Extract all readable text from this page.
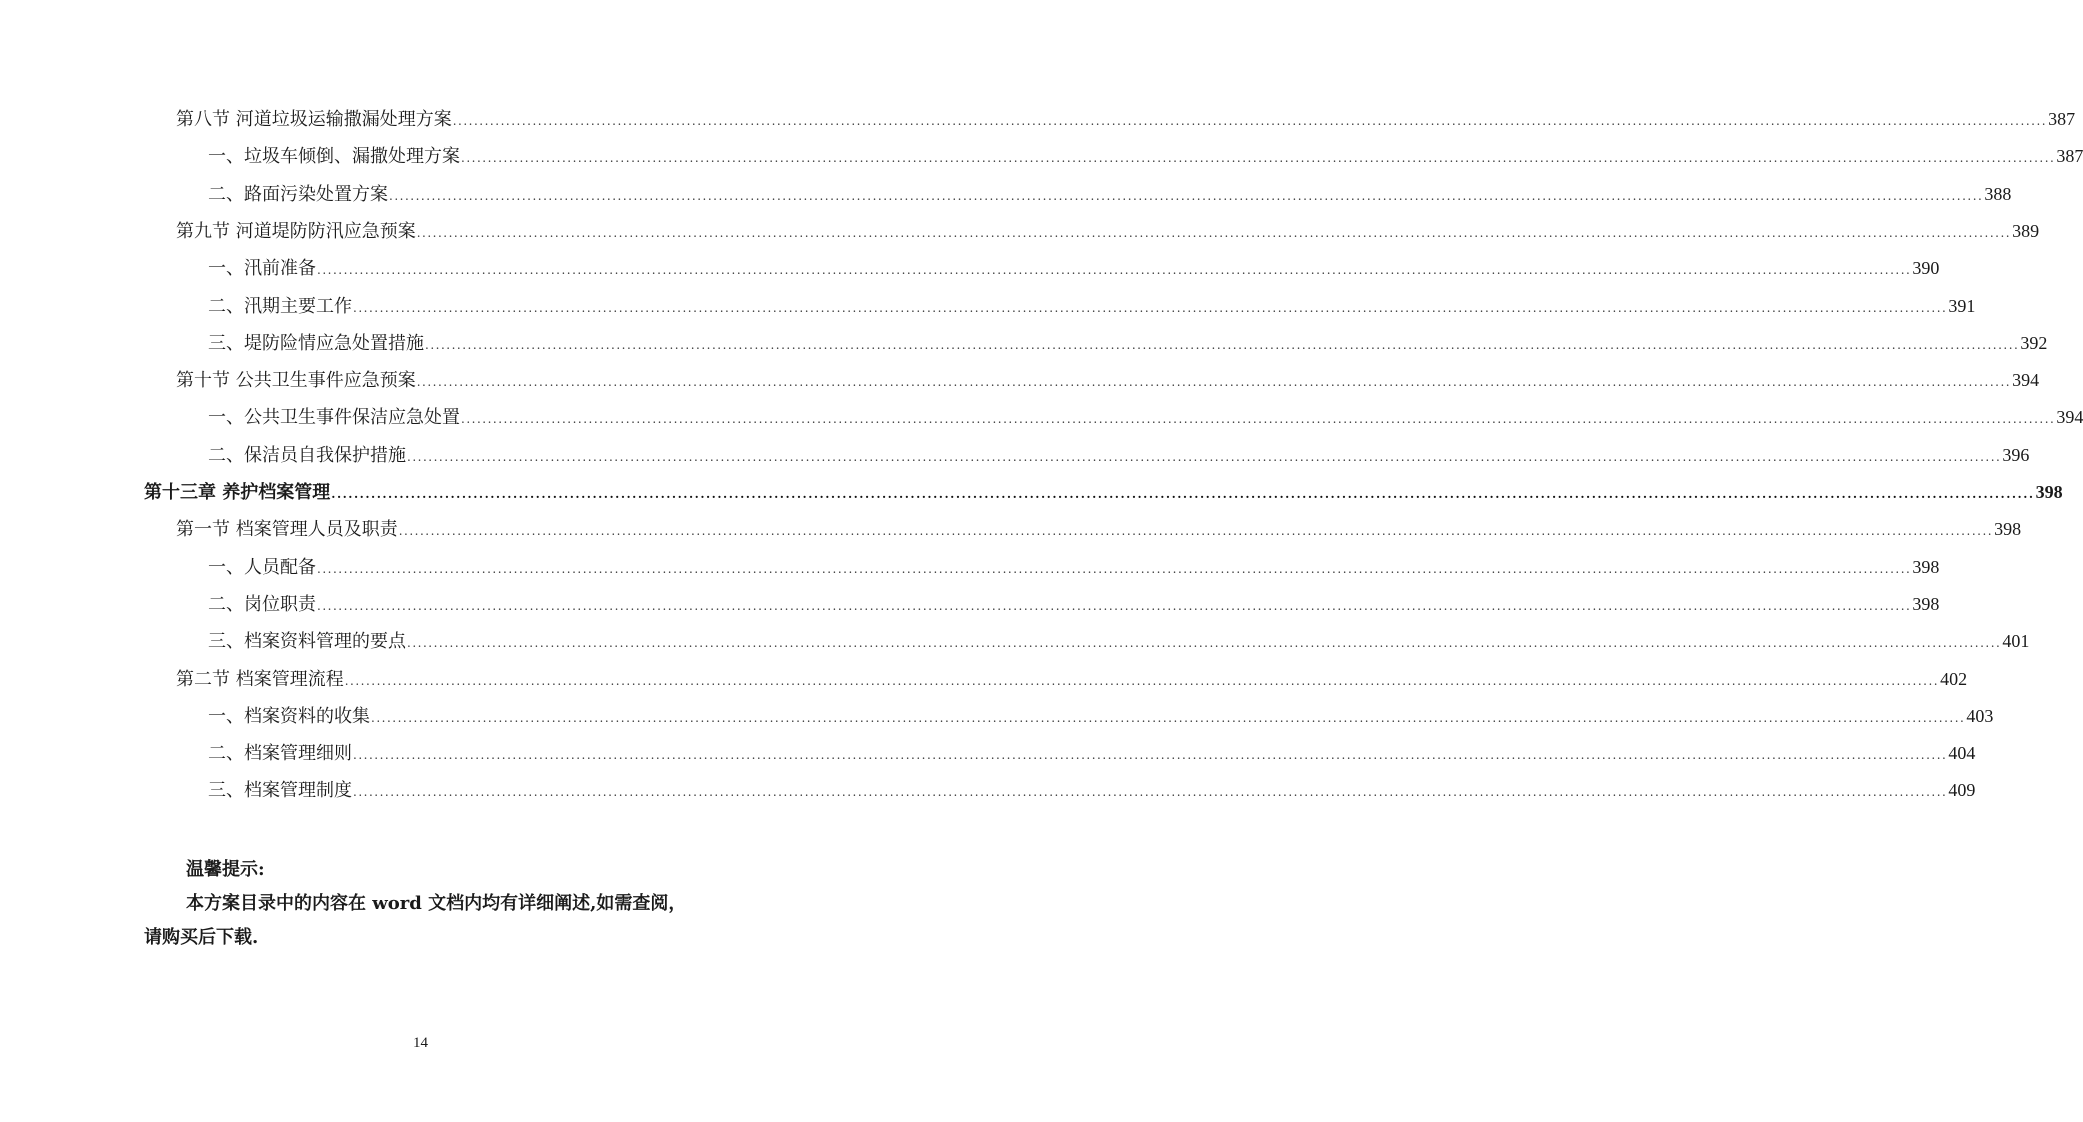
第八节 河道垃圾运输撒漏处理方案 ............................................................................................................................................................................................................................................................................................................ 387
一、垃圾车倾倒、漏撒处理方案 ............................................................................................................................................................................................................................................................................................................ 387
二、路面污染处置方案 ............................................................................................................................................................................................................................................................................................................ 388
第九节 河道堤防防汛应急预案 ............................................................................................................................................................................................................................................................................................................ 389
一、汛前准备 ............................................................................................................................................................................................................................................................................................................ 390
二、汛期主要工作 ............................................................................................................................................................................................................................................................................................................ 391
三、堤防险情应急处置措施 ............................................................................................................................................................................................................................................................................................................ 392
第十节 公共卫生事件应急预案 ............................................................................................................................................................................................................................................................................................................ 394
一、公共卫生事件保洁应急处置 ............................................................................................................................................................................................................................................................................................................ 394
二、保洁员自我保护措施 ............................................................................................................................................................................................................................................................................................................ 396
第十三章 养护档案管理 ............................................................................................................................................................................................................................................................................................................ 398
第一节 档案管理人员及职责 ............................................................................................................................................................................................................................................................................................................ 398
一、人员配备 ............................................................................................................................................................................................................................................................................................................ 398
二、岗位职责 ............................................................................................................................................................................................................................................................................................................ 398
三、档案资料管理的要点 ............................................................................................................................................................................................................................................................................................................ 401
第二节 档案管理流程 ............................................................................................................................................................................................................................................................................................................ 402
一、档案资料的收集 ............................................................................................................................................................................................................................................................................................................ 403
二、档案管理细则 ............................................................................................................................................................................................................................................................................................................ 404
三、档案管理制度 ............................................................................................................................................................................................................................................................................................................ 409
温馨提示:
本方案目录中的内容在 word 文档内均有详细阐述,如需查阅，请购买后下载.
14
